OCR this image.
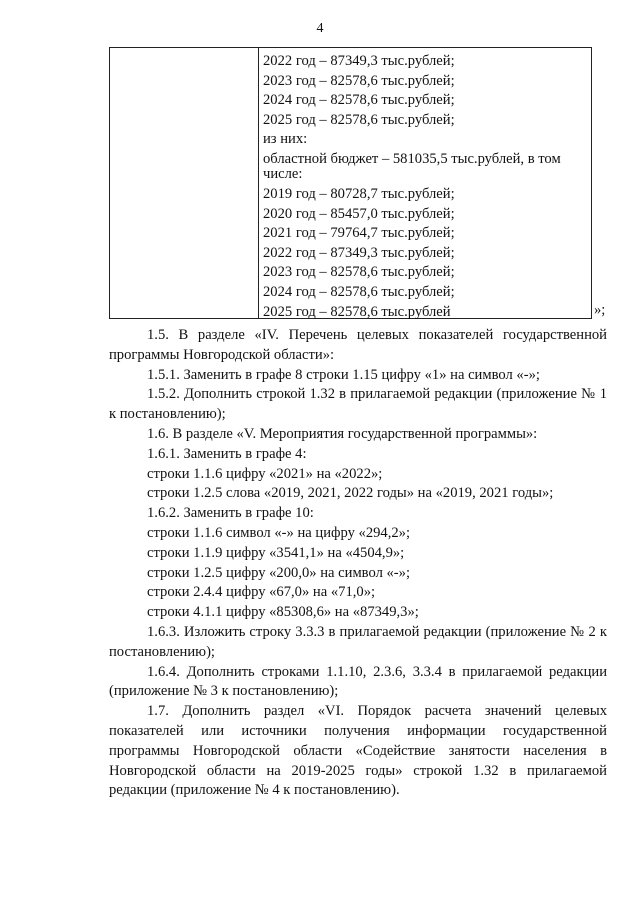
4
2022 год – 87349,3 тыс.рублей;
2023 год – 82578,6 тыс.рублей;
2024 год – 82578,6 тыс.рублей;
2025 год – 82578,6 тыс.рублей;
из них:
областной бюджет – 581035,5 тыс.рублей, в том числе:
2019 год – 80728,7 тыс.рублей;
2020 год – 85457,0 тыс.рублей;
2021 год – 79764,7 тыс.рублей;
2022 год – 87349,3 тыс.рублей;
2023 год – 82578,6 тыс.рублей;
2024 год – 82578,6 тыс.рублей;
2025 год – 82578,6 тыс.рублей	»;

1.5. В разделе «IV. Перечень целевых показателей государственной программы Новгородской области»:

1.5.1. Заменить в графе 8 строки 1.15 цифру «1» на символ «-»;

1.5.2. Дополнить строкой 1.32 в прилагаемой редакции (приложение № 1 к постановлению);

1.6. В разделе «V. Мероприятия государственной программы»:

1.6.1. Заменить в графе 4:

строки 1.1.6 цифру «2021» на «2022»;

строки 1.2.5 слова «2019, 2021, 2022 годы» на «2019, 2021 годы»;

1.6.2. Заменить в графе 10:

строки 1.1.6 символ «-» на цифру «294,2»;

строки 1.1.9 цифру «3541,1» на «4504,9»;

строки 1.2.5 цифру «200,0» на символ «-»;

строки 2.4.4 цифру «67,0» на «71,0»;

строки 4.1.1 цифру «85308,6» на «87349,3»;

1.6.3. Изложить строку 3.3.3 в прилагаемой редакции (приложение № 2 к постановлению);

1.6.4. Дополнить строками 1.1.10, 2.3.6, 3.3.4 в прилагаемой редакции (приложение № 3 к постановлению);

1.7. Дополнить раздел «VI. Порядок расчета значений целевых показателей или источники получения информации государственной программы Новгородской области «Содействие занятости населения в Новгородской области на 2019-2025 годы» строкой 1.32 в прилагаемой редакции (приложение № 4 к постановлению).
